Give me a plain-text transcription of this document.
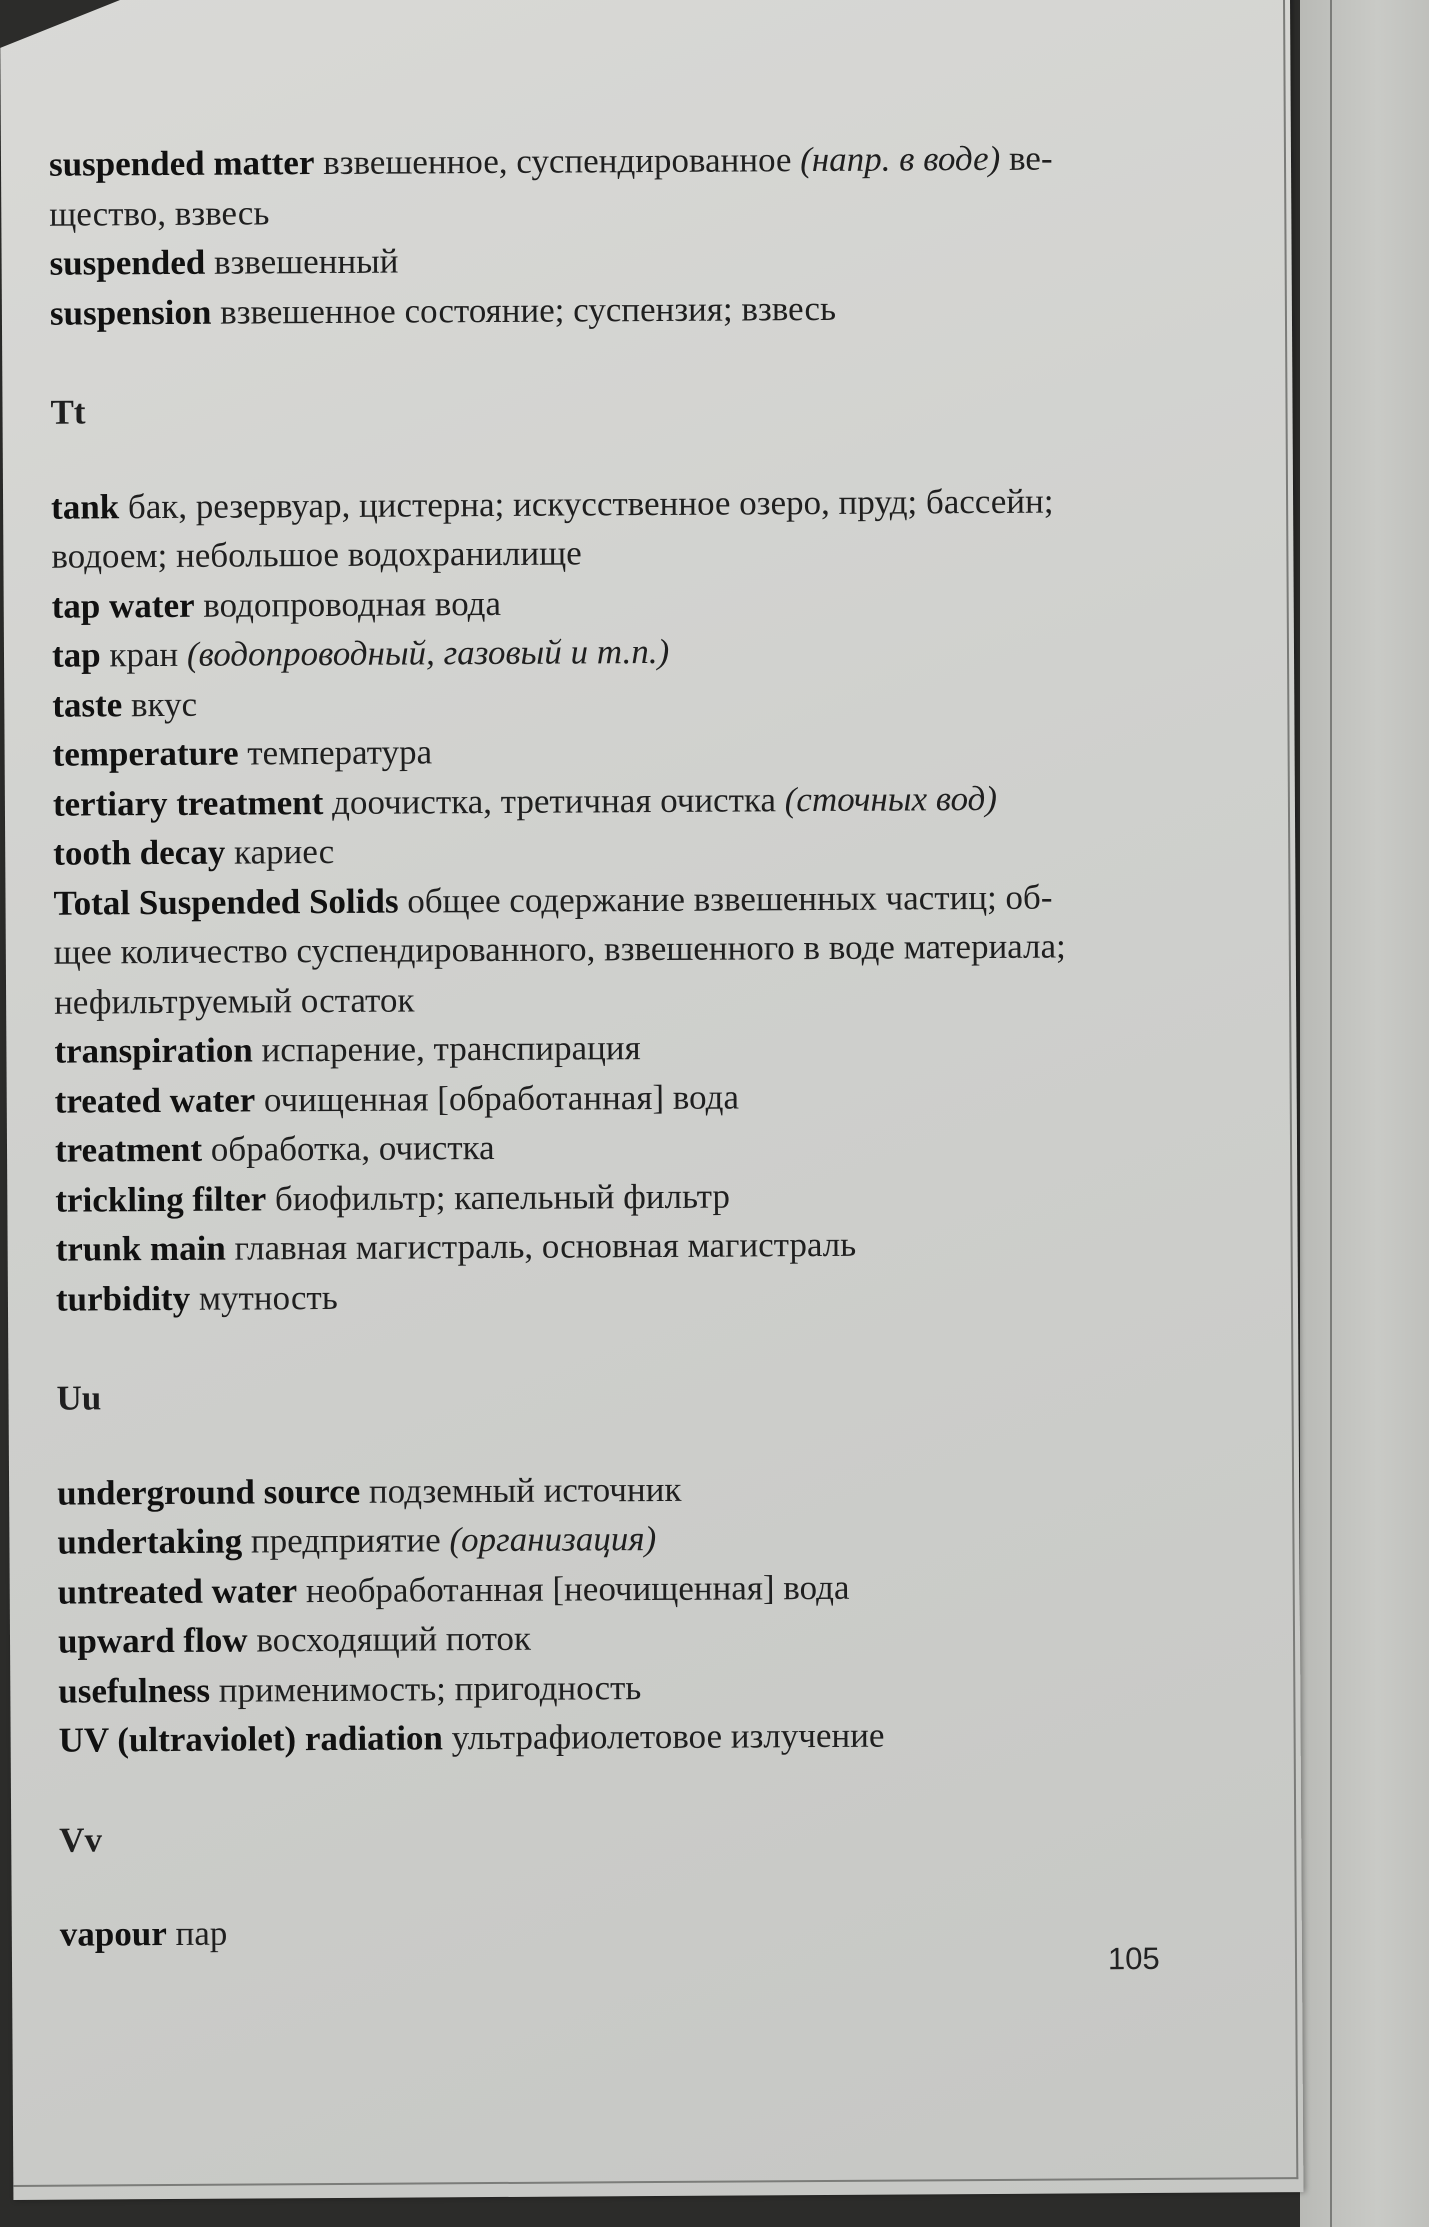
suspended matter взвешенное, суспендированное (напр. в воде) ве-
щество, взвесь

suspended взвешенный

suspension взвешенное состояние; суспензия; взвесь

Tt

tank бак, резервуар, цистерна; искусственное озеро, пруд; бассейн;
водоем; небольшое водохранилище

tap water водопроводная вода

tap кран (водопроводный, газовый и т.п.)

taste вкус

temperature температура

tertiary treatment доочистка, третичная очистка (сточных вод)

tooth decay кариес

Total Suspended Solids общее содержание взвешенных частиц; об-
щее количество суспендированного, взвешенного в воде материала;
нефильтруемый остаток

transpiration испарение, транспирация

treated water очищенная [обработанная] вода

treatment обработка, очистка

trickling filter биофильтр; капельный фильтр

trunk main главная магистраль, основная магистраль

turbidity мутность

Uu

underground source подземный источник

undertaking предприятие (организация)

untreated water необработанная [неочищенная] вода

upward flow восходящий поток

usefulness применимость; пригодность

UV (ultraviolet) radiation ультрафиолетовое излучение

Vv

vapour пар

105
